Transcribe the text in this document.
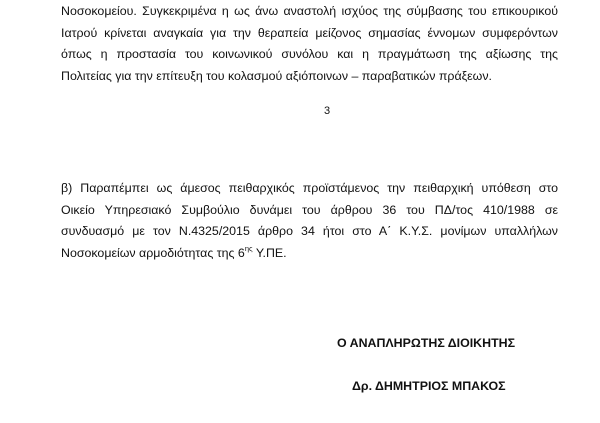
Νοσοκομείου. Συγκεκριμένα η ως άνω αναστολή ισχύος της σύμβασης του επικουρικού
Ιατρού κρίνεται αναγκαία για την θεραπεία μείζονος σημασίας έννομων συμφερόντων
όπως η προστασία του κοινωνικού συνόλου και η πραγμάτωση της αξίωσης της
Πολιτείας για την επίτευξη του κολασμού αξιόποινων – παραβατικών πράξεων.
3
β) Παραπέμπει ως άμεσος πειθαρχικός προϊστάμενος την πειθαρχική υπόθεση στο
Οικείο Υπηρεσιακό Συμβούλιο δυνάμει του άρθρου 36 του ΠΔ/τος 410/1988 σε
συνδυασμό με τον Ν.4325/2015 άρθρο 34 ήτοι στο Α΄ Κ.Υ.Σ. μονίμων υπαλλήλων
Νοσοκομείων αρμοδιότητας της $6^{\eta\varsigma}$ Υ.ΠΕ.
Ο ΑΝΑΠΛΗΡΩΤΗΣ ΔΙΟΙΚΗΤΗΣ
Δρ. ΔΗΜΗΤΡΙΟΣ ΜΠΑΚΟΣ
